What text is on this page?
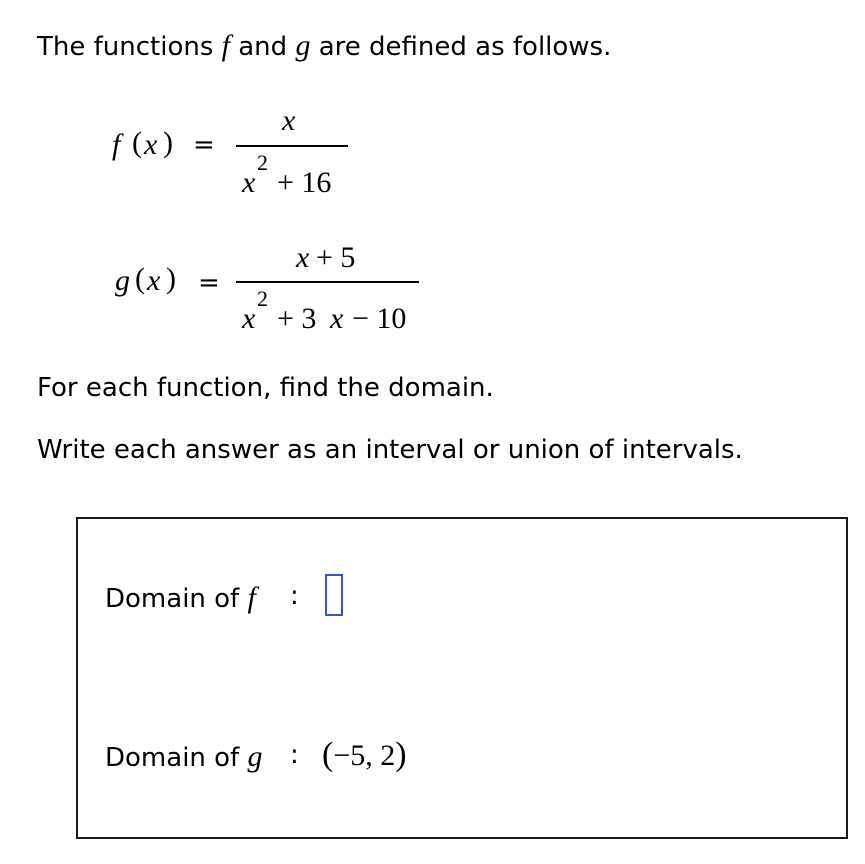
The functions f and g are defined as follows.
f ( x ) =
x
x
2
+ 16
g ( x ) =
x + 5
x
2
+ 3 x − 10
For each function, find the domain.
Write each answer as an interval or union of intervals.
Domain of f :
Domain of g : (−5, 2)
